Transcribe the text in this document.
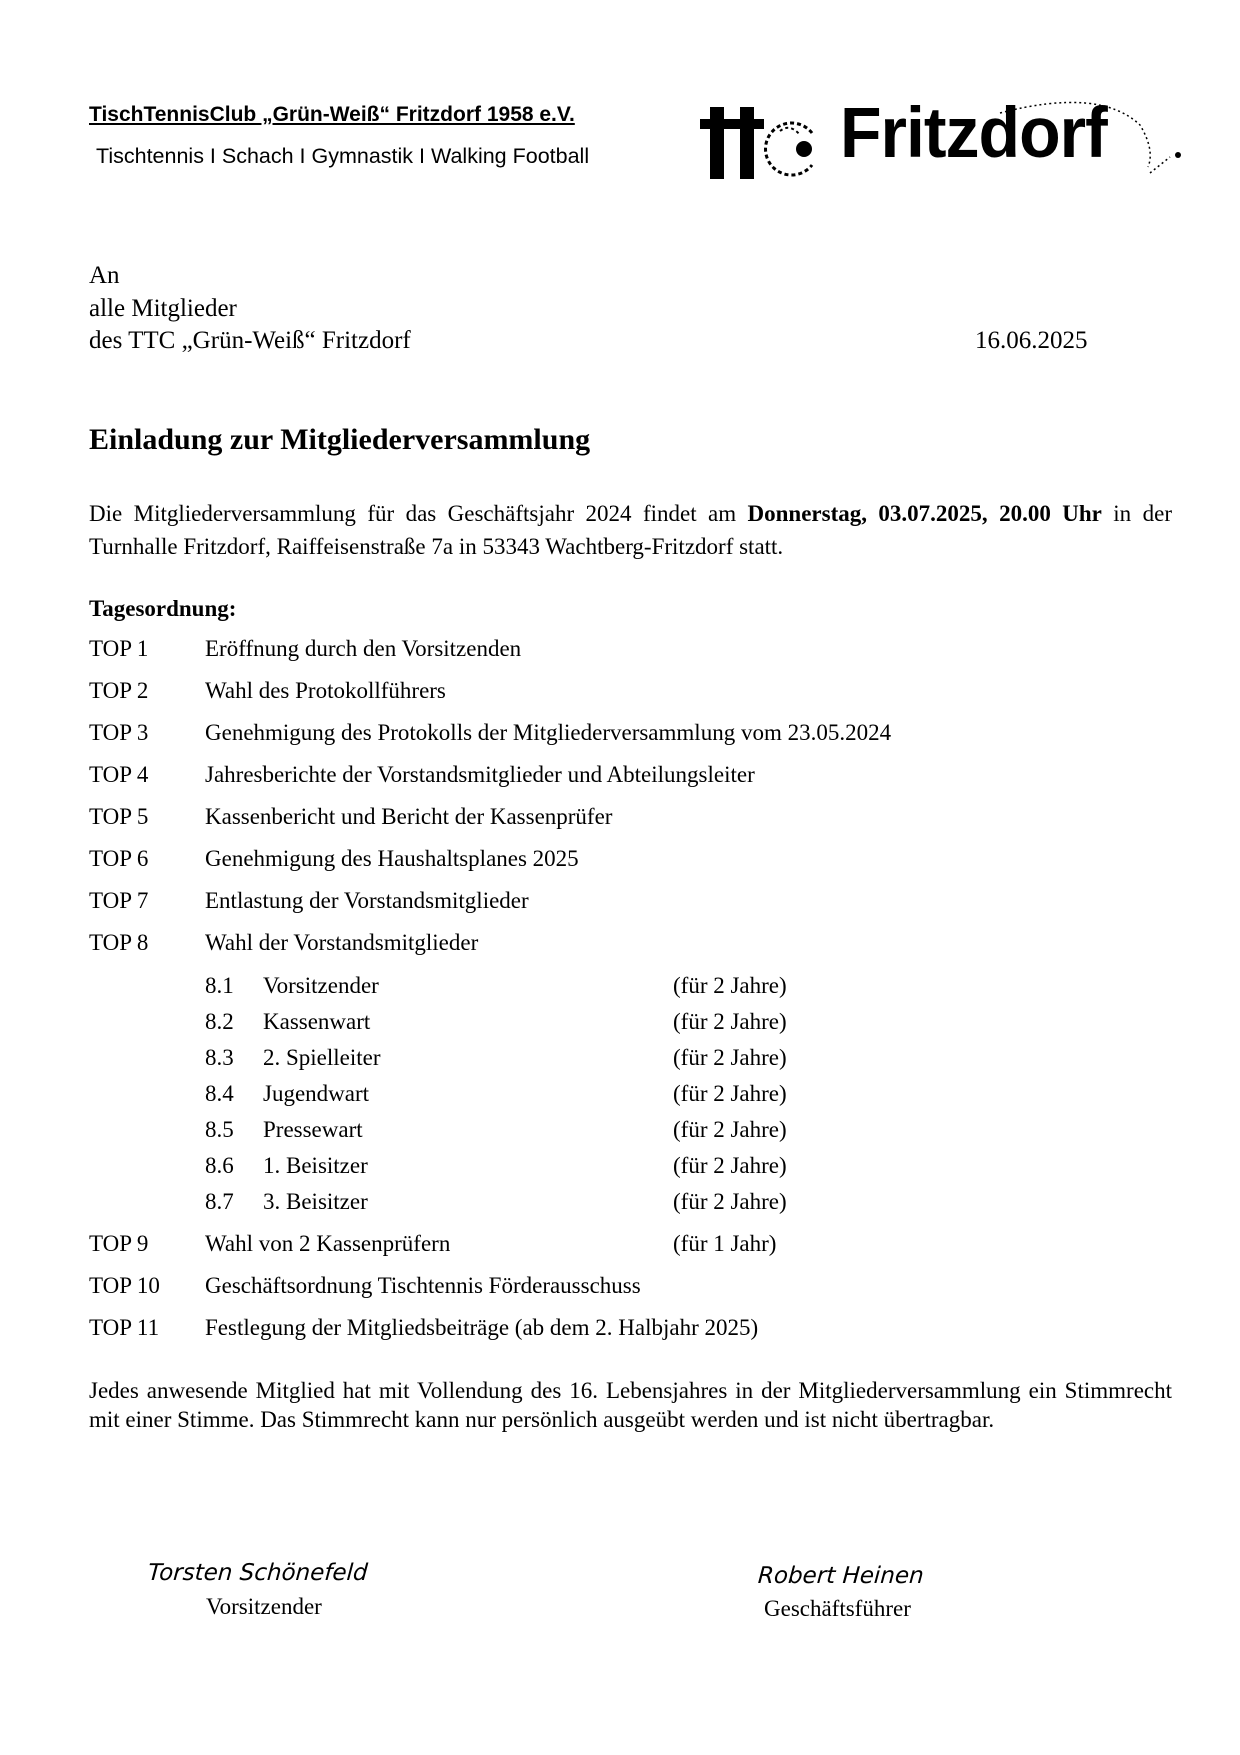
TischTennisClub „Grün-Weiß“ Fritzdorf 1958 e.V.
Tischtennis I Schach I Gymnastik I Walking Football	Fritzdorf
An
alle Mitglieder
des TTC „Grün-Weiß“ Fritzdorf	16.06.2025
Einladung zur Mitgliederversammlung
Die Mitgliederversammlung für das Geschäftsjahr 2024 findet am Donnerstag, 03.07.2025, 20.00 Uhr in der Turnhalle Fritzdorf, Raiffeisenstraße 7a in 53343 Wachtberg-Fritzdorf statt.
Tagesordnung:
TOP 1 Eröffnung durch den Vorsitzenden
TOP 2 Wahl des Protokollführers
TOP 3 Genehmigung des Protokolls der Mitgliederversammlung vom 23.05.2024
TOP 4 Jahresberichte der Vorstandsmitglieder und Abteilungsleiter
TOP 5 Kassenbericht und Bericht der Kassenprüfer
TOP 6 Genehmigung des Haushaltsplanes 2025
TOP 7 Entlastung der Vorstandsmitglieder
TOP 8 Wahl der Vorstandsmitglieder
8.1 Vorsitzender	(für 2 Jahre)
8.2 Kassenwart	(für 2 Jahre)
8.3 2. Spielleiter	(für 2 Jahre)
8.4 Jugendwart	(für 2 Jahre)
8.5 Pressewart	(für 2 Jahre)
8.6 1. Beisitzer	(für 2 Jahre)
8.7 3. Beisitzer	(für 2 Jahre)
TOP 9 Wahl von 2 Kassenprüfern	(für 1 Jahr)
TOP 10 Geschäftsordnung Tischtennis Förderausschuss
TOP 11 Festlegung der Mitgliedsbeiträge (ab dem 2. Halbjahr 2025)
Jedes anwesende Mitglied hat mit Vollendung des 16. Lebensjahres in der Mitgliederversammlung ein Stimmrecht mit einer Stimme. Das Stimmrecht kann nur persönlich ausgeübt werden und ist nicht übertragbar.
Torsten Schönefeld
Vorsitzender
Robert Heinen
Geschäftsführer
